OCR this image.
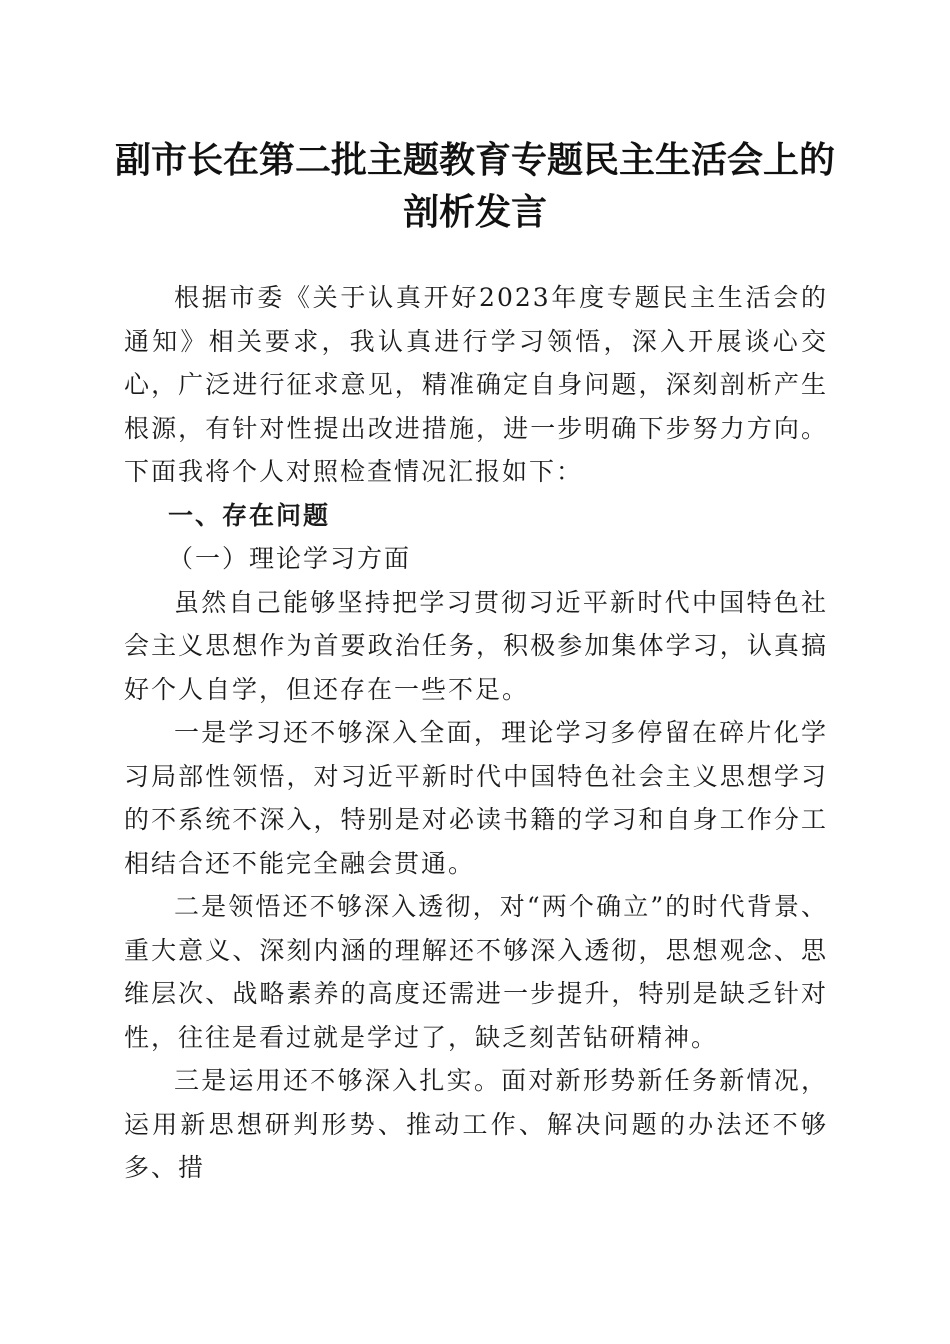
副市长在第二批主题教育专题民主生活会上的
剖析发言

根据市委《关于认真开好2023年度专题民主生活会的通知》相关要求，我认真进行学习领悟，深入开展谈心交心，广泛进行征求意见，精准确定自身问题，深刻剖析产生根源，有针对性提出改进措施，进一步明确下步努力方向。下面我将个人对照检查情况汇报如下：

一、存在问题
（一）理论学习方面

虽然自己能够坚持把学习贯彻习近平新时代中国特色社会主义思想作为首要政治任务，积极参加集体学习，认真搞好个人自学，但还存在一些不足。

一是学习还不够深入全面，理论学习多停留在碎片化学习局部性领悟，对习近平新时代中国特色社会主义思想学习的不系统不深入，特别是对必读书籍的学习和自身工作分工相结合还不能完全融会贯通。

二是领悟还不够深入透彻，对“两个确立”的时代背景、重大意义、深刻内涵的理解还不够深入透彻，思想观念、思维层次、战略素养的高度还需进一步提升，特别是缺乏针对性，往往是看过就是学过了，缺乏刻苦钻研精神。

三是运用还不够深入扎实。面对新形势新任务新情况，运用新思想研判形势、推动工作、解决问题的办法还不够多、措
